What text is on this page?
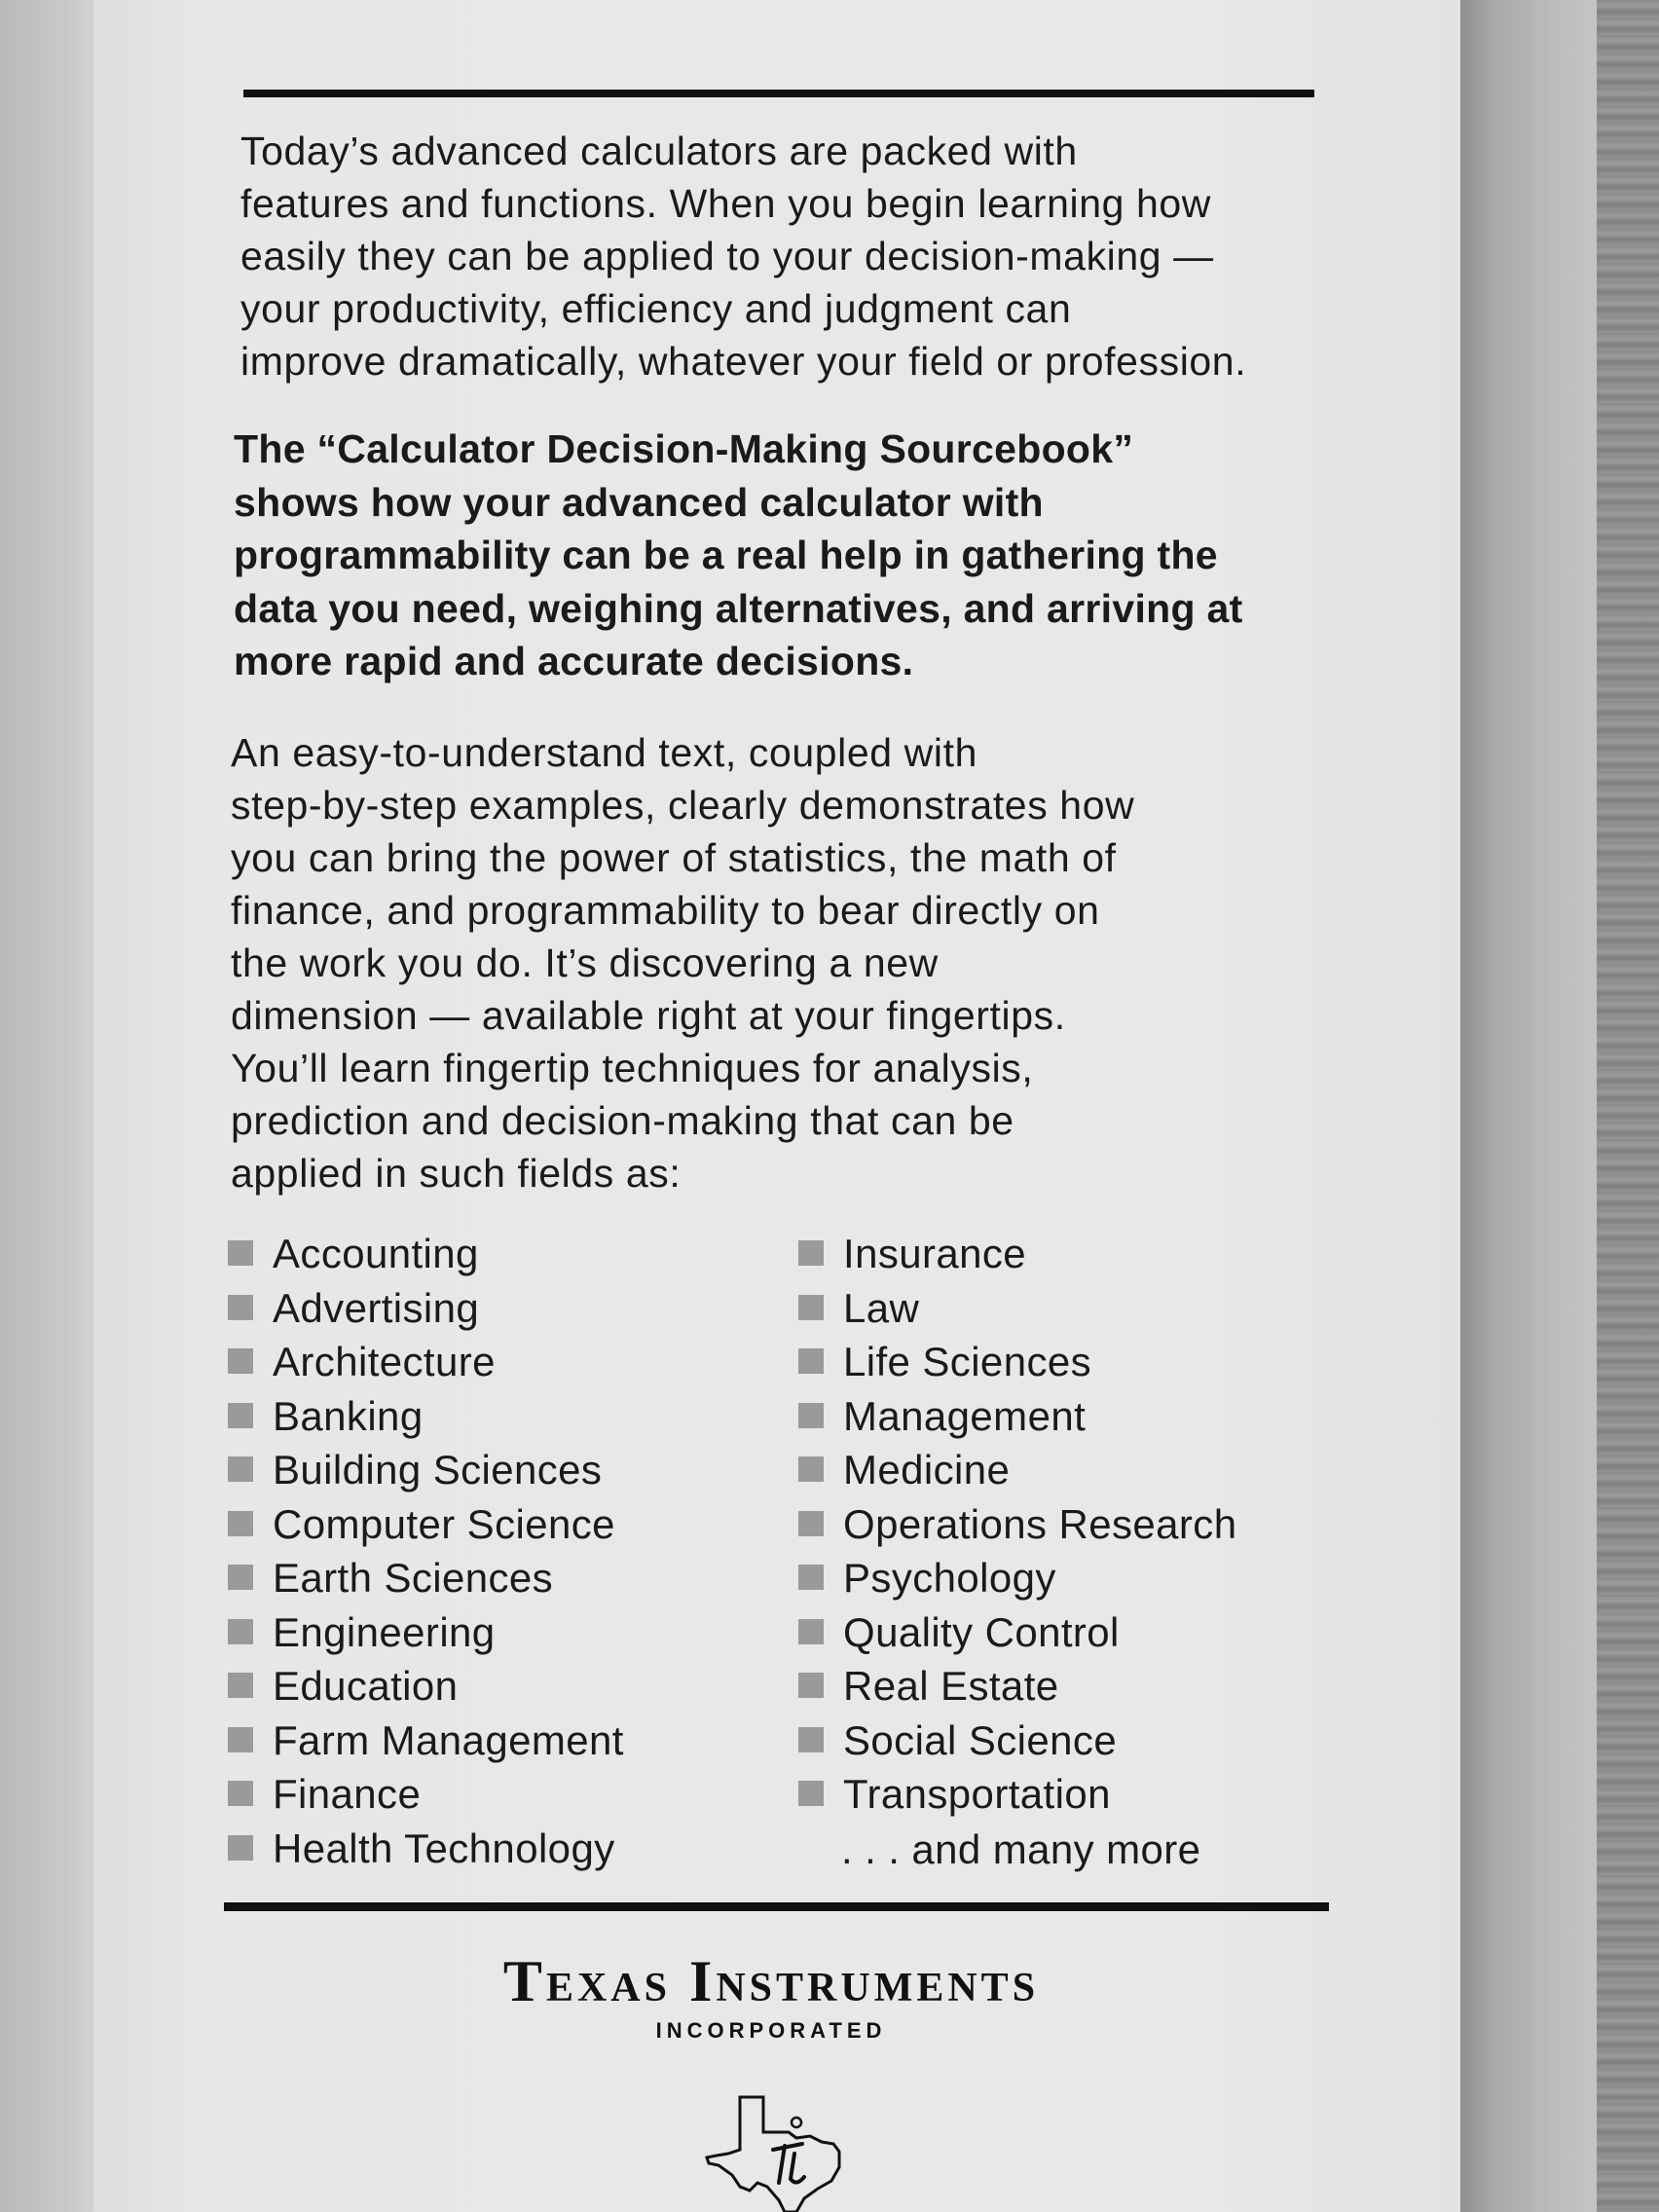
Today’s advanced calculators are packed with
features and functions. When you begin learning how
easily they can be applied to your decision-making —
your productivity, efficiency and judgment can
improve dramatically, whatever your field or profession.
The “Calculator Decision-Making Sourcebook”
shows how your advanced calculator with
programmability can be a real help in gathering the
data you need, weighing alternatives, and arriving at
more rapid and accurate decisions.
An easy-to-understand text, coupled with
step-by-step examples, clearly demonstrates how
you can bring the power of statistics, the math of
finance, and programmability to bear directly on
the work you do. It’s discovering a new
dimension — available right at your fingertips.
You’ll learn fingertip techniques for analysis,
prediction and decision-making that can be
applied in such fields as:
Accounting
Advertising
Architecture
Banking
Building Sciences
Computer Science
Earth Sciences
Engineering
Education
Farm Management
Finance
Health Technology
Insurance
Law
Life Sciences
Management
Medicine
Operations Research
Psychology
Quality Control
Real Estate
Social Science
Transportation
. . . and many more
Texas Instruments
INCORPORATED
